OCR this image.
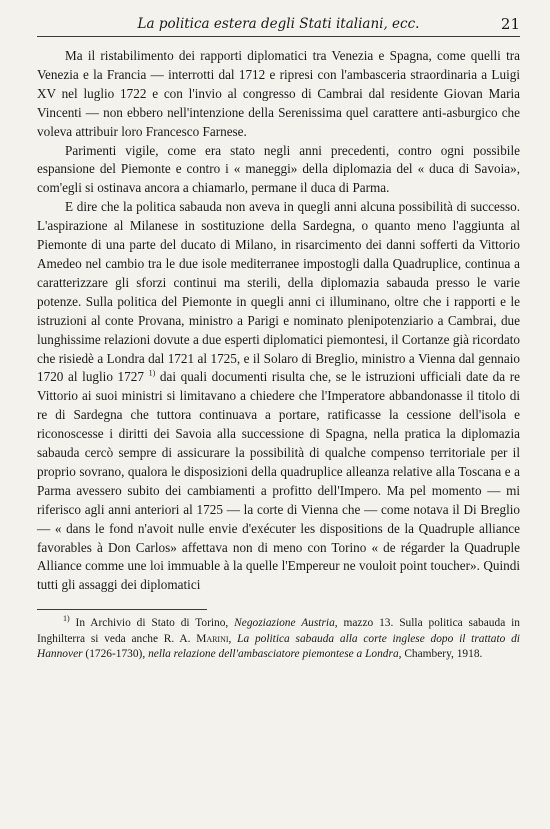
La politica estera degli Stati italiani, ecc.	21

Ma il ristabilimento dei rapporti diplomatici tra Venezia e Spagna, come quelli tra Venezia e la Francia — interrotti dal 1712 e ripresi con l'ambasceria straordinaria a Luigi XV nel luglio 1722 e con l'invio al congresso di Cambrai dal residente Giovan Maria Vincenti — non ebbero nell'intenzione della Serenissima quel carattere anti-asburgico che voleva attribuir loro Francesco Farnese.

Parimenti vigile, come era stato negli anni precedenti, contro ogni possibile espansione del Piemonte e contro i « maneggi» della diplomazia del « duca di Savoia», com'egli si ostinava ancora a chiamarlo, permane il duca di Parma.

E dire che la politica sabauda non aveva in quegli anni alcuna possibilità di successo. L'aspirazione al Milanese in sostituzione della Sardegna, o quanto meno l'aggiunta al Piemonte di una parte del ducato di Milano, in risarcimento dei danni sofferti da Vittorio Amedeo nel cambio tra le due isole mediterranee impostogli dalla Quadruplice, continua a caratterizzare gli sforzi continui ma sterili, della diplomazia sabauda presso le varie potenze. Sulla politica del Piemonte in quegli anni ci illuminano, oltre che i rapporti e le istruzioni al conte Provana, ministro a Parigi e nominato plenipotenziario a Cambrai, due lunghissime relazioni dovute a due esperti diplomatici piemontesi, il Cortanze già ricordato che risiedè a Londra dal 1721 al 1725, e il Solaro di Breglio, ministro a Vienna dal gennaio 1720 al luglio 1727 $^{1)}$ dai quali documenti risulta che, se le istruzioni ufficiali date da re Vittorio ai suoi ministri si limitavano a chiedere che l'Imperatore abbandonasse il titolo di re di Sardegna che tuttora continuava a portare, ratificasse la cessione dell'isola e riconoscesse i diritti dei Savoia alla successione di Spagna, nella pratica la diplomazia sabauda cercò sempre di assicurare la possibilità di qualche compenso territoriale per il proprio sovrano, qualora le disposizioni della quadruplice alleanza relative alla Toscana e a Parma avessero subito dei cambiamenti a profitto dell'Impero. Ma pel momento — mi riferisco agli anni anteriori al 1725 — la corte di Vienna che — come notava il Di Breglio — « dans le fond n'avoit nulle envie d'exécuter les dispositions de la Quadruple alliance favorables à Don Carlos» affettava non di meno con Torino « de régarder la Quadruple Alliance comme une loi immuable à la quelle l'Empereur ne vouloit point toucher». Quindi tutti gli assaggi dei diplomatici

$^{1)}$ In Archivio di Stato di Torino, Negoziazione Austria, mazzo 13. Sulla politica sabauda in Inghilterra si veda anche R. A. Marini, La politica sabauda alla corte inglese dopo il trattato di Hannover (1726-1730), nella relazione dell'ambasciatore piemontese a Londra, Chambery, 1918.
